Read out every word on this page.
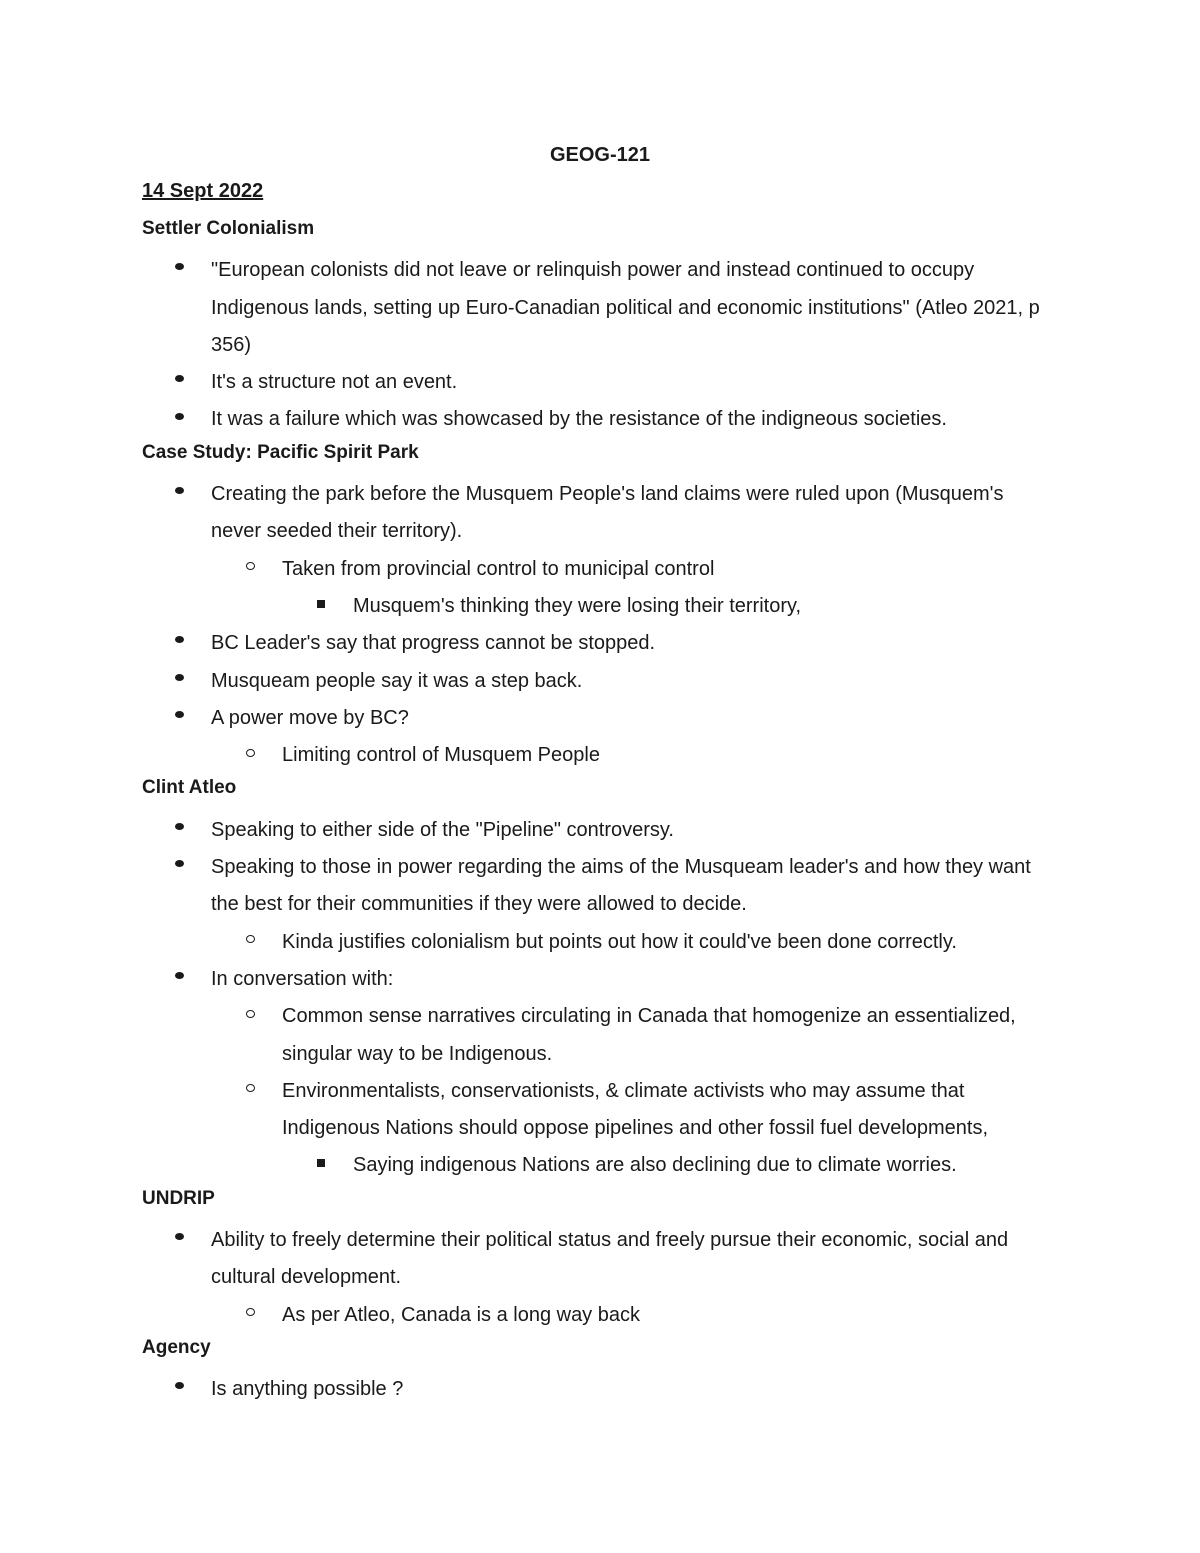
GEOG-121
14 Sept 2022
Settler Colonialism
"European colonists did not leave or relinquish power and instead continued to occupy Indigenous lands, setting up Euro-Canadian political and economic institutions" (Atleo 2021, p 356)
It's a structure not an event.
It was a failure which was showcased by the resistance of the indigneous societies.
Case Study: Pacific Spirit Park
Creating the park before the Musquem People's land claims were ruled upon (Musquem's never seeded their territory).
Taken from provincial control to municipal control
Musquem's thinking they were losing their territory,
BC Leader's say that progress cannot be stopped.
Musqueam people say it was a step back.
A power move by BC?
Limiting control of Musquem People
Clint Atleo
Speaking to either side of the "Pipeline" controversy.
Speaking to those in power regarding the aims of the Musqueam leader's and how they want the best for their communities if they were allowed to decide.
Kinda justifies colonialism but points out how it could've been done correctly.
In conversation with:
Common sense narratives circulating in Canada that homogenize an essentialized, singular way to be Indigenous.
Environmentalists, conservationists, & climate activists who may assume that Indigenous Nations should oppose pipelines and other fossil fuel developments,
Saying indigenous Nations are also declining due to climate worries.
UNDRIP
Ability to freely determine their political status and freely pursue their economic, social and cultural development.
As per Atleo, Canada is a long way back
Agency
Is anything possible ?
